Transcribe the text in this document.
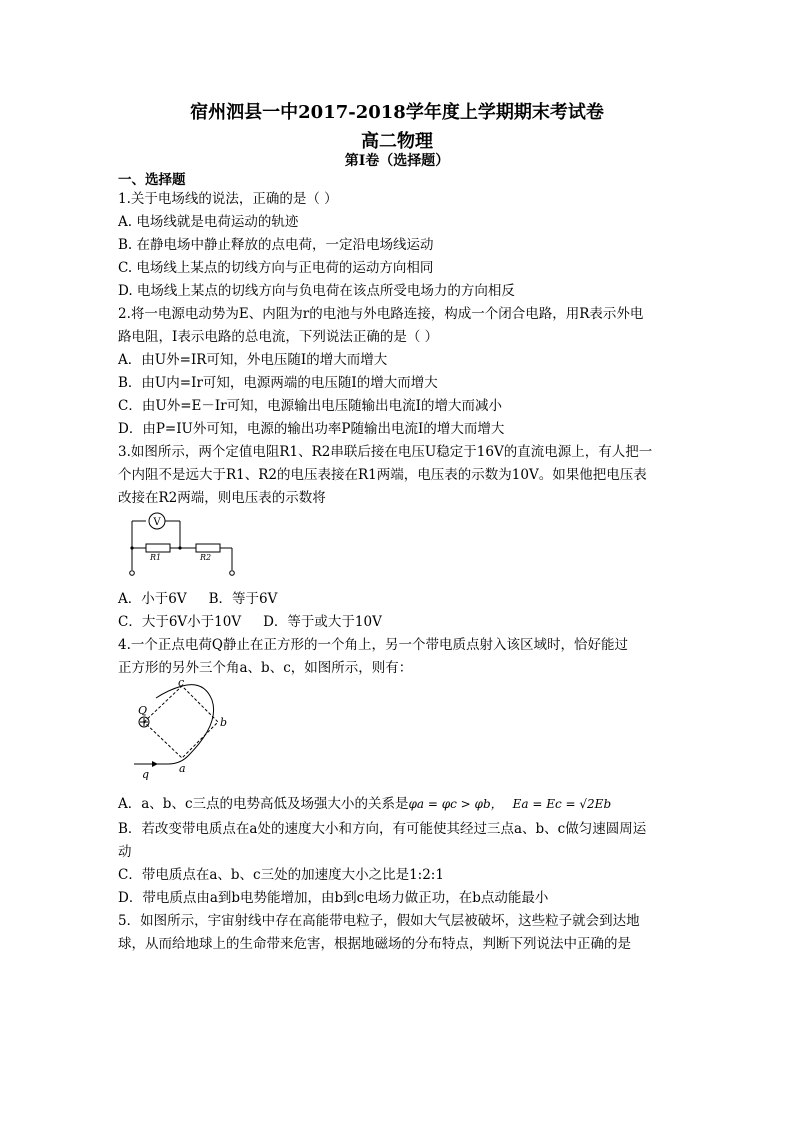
宿州泗县一中2017-2018学年度上学期期末考试卷
高二物理
第I卷（选择题）
一、选择题
1.关于电场线的说法，正确的是（ ）
A. 电场线就是电荷运动的轨迹
B. 在静电场中静止释放的点电荷，一定沿电场线运动
C. 电场线上某点的切线方向与正电荷的运动方向相同
D. 电场线上某点的切线方向与负电荷在该点所受电场力的方向相反
2.将一电源电动势为E、内阻为r的电池与外电路连接，构成一个闭合电路，用R表示外电
路电阻，I表示电路的总电流，下列说法正确的是（ ）
A．由U外=IR可知，外电压随I的增大而增大
B．由U内=Ir可知，电源两端的电压随I的增大而增大
C．由U外=E－Ir可知，电源输出电压随输出电流I的增大而减小
D．由P=IU外可知，电源的输出功率P随输出电流I的增大而增大
3.如图所示，两个定值电阻R1、R2串联后接在电压U稳定于16V的直流电源上，有人把一
个内阻不是远大于R1、R2的电压表接在R1两端，电压表的示数为10V。如果他把电压表
改接在R2两端，则电压表的示数将
V
R1	R2
A．小于6V B．等于6V
C．大于6V小于10V D．等于或大于10V
4.一个正点电荷Q静止在正方形的一个角上，另一个带电质点射入该区域时，恰好能过
正方形的另外三个角a、b、c，如图所示，则有：
Q
q	a
b
c
A．a、b、c三点的电势高低及场强大小的关系是φa = φc > φb， Ea = Ec = √2Eb
B．若改变带电质点在a处的速度大小和方向，有可能使其经过三点a、b、c做匀速圆周运
动
C．带电质点在a、b、c三处的加速度大小之比是1:2:1
D．带电质点由a到b电势能增加，由b到c电场力做正功，在b点动能最小
5．如图所示，宇宙射线中存在高能带电粒子，假如大气层被破坏，这些粒子就会到达地
球，从而给地球上的生命带来危害，根据地磁场的分布特点，判断下列说法中正确的是
